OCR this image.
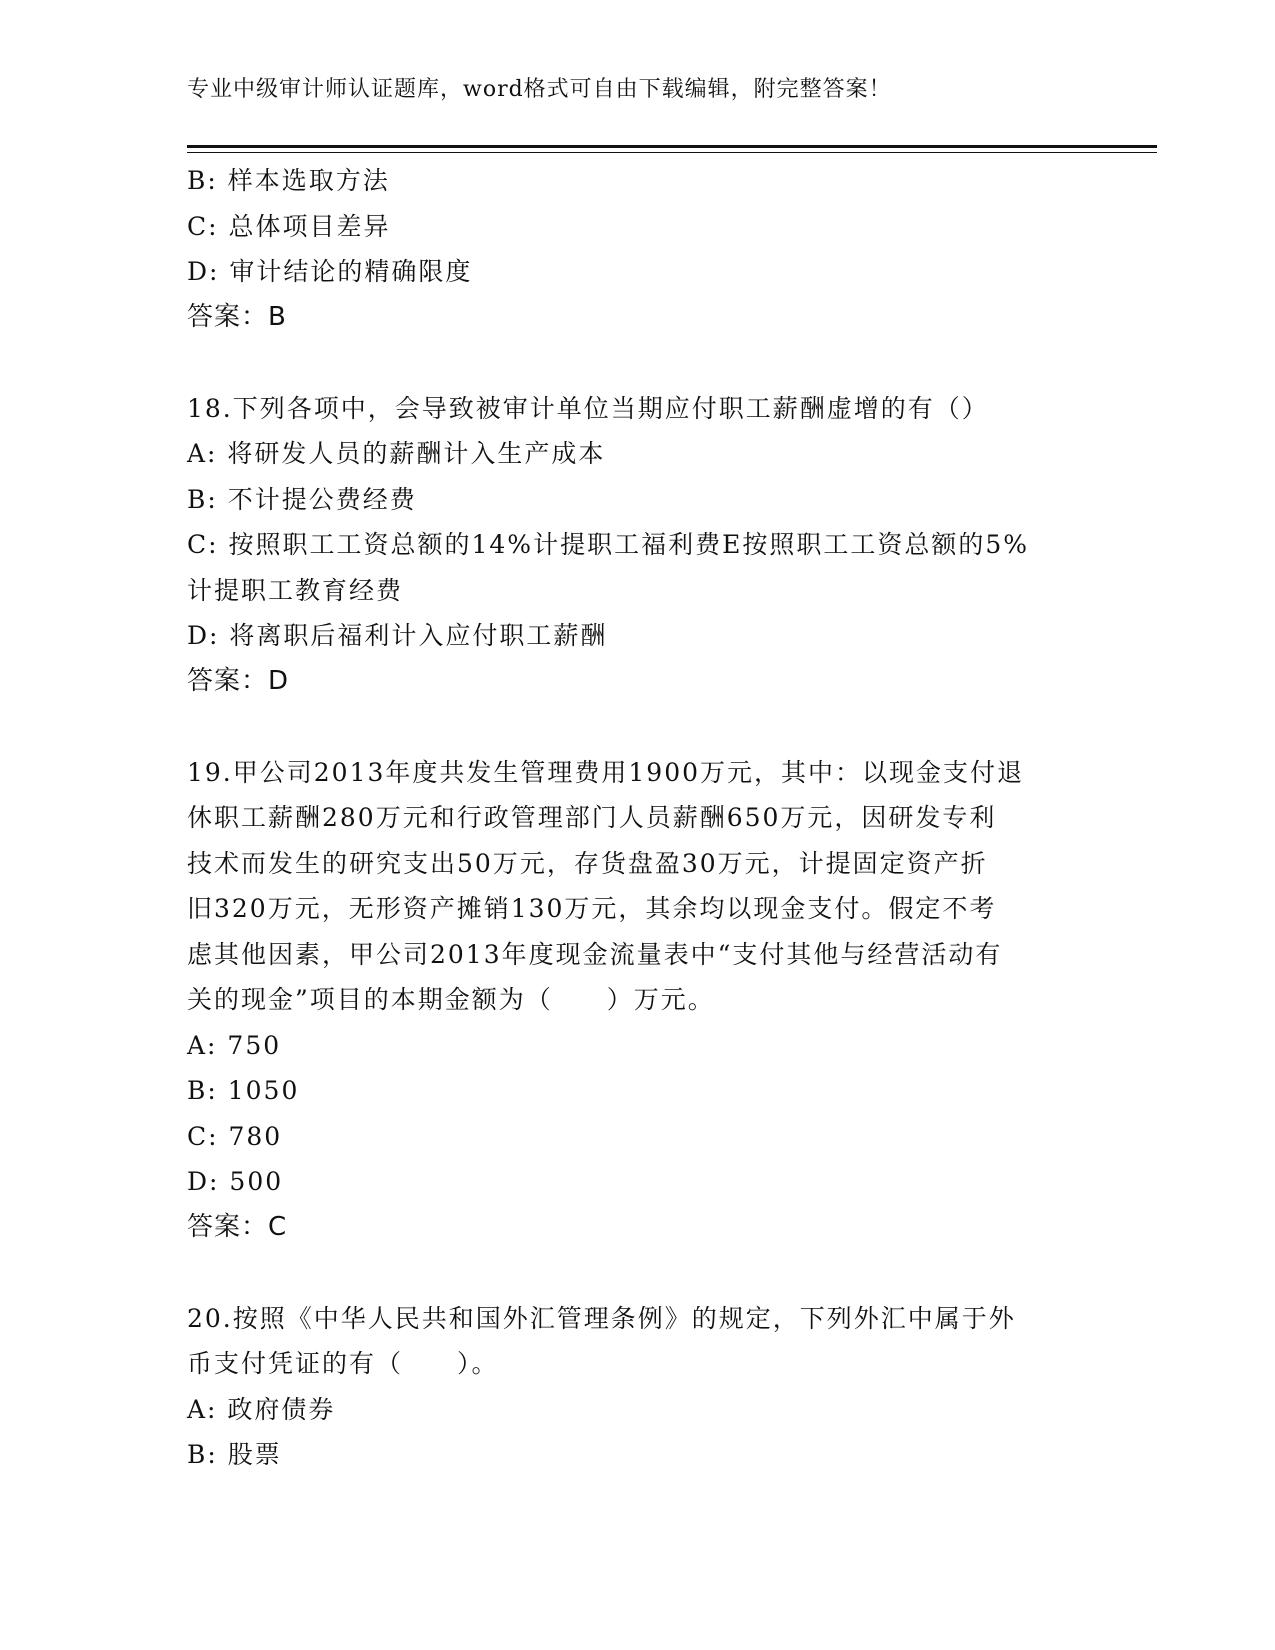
专业中级审计师认证题库，word格式可自由下载编辑，附完整答案！
B: 样本选取方法
C: 总体项目差异
D: 审计结论的精确限度
答案：B
18.下列各项中，会导致被审计单位当期应付职工薪酬虚增的有（）
A: 将研发人员的薪酬计入生产成本
B: 不计提公费经费
C: 按照职工工资总额的14%计提职工福利费E按照职工工资总额的5%
计提职工教育经费
D: 将离职后福利计入应付职工薪酬
答案：D
19.甲公司2013年度共发生管理费用1900万元，其中：以现金支付退
休职工薪酬280万元和行政管理部门人员薪酬650万元，因研发专利
技术而发生的研究支出50万元，存货盘盈30万元，计提固定资产折
旧320万元，无形资产摊销130万元，其余均以现金支付。假定不考
虑其他因素，甲公司2013年度现金流量表中“支付其他与经营活动有
关的现金”项目的本期金额为（　　）万元。
A: 750
B: 1050
C: 780
D: 500
答案：C
20.按照《中华人民共和国外汇管理条例》的规定，下列外汇中属于外
币支付凭证的有（　　）。
A: 政府债券
B: 股票
